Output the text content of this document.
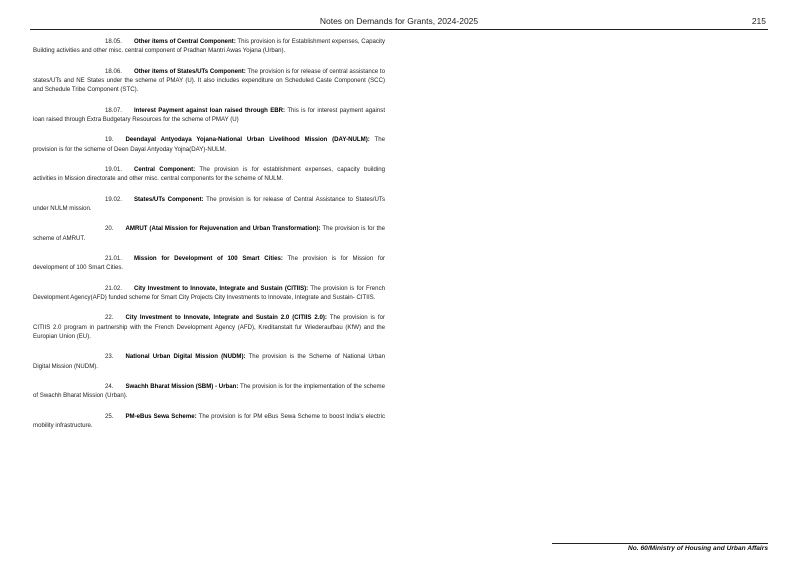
Notes on Demands for Grants, 2024-2025	215

18.05. Other items of Central Component: This provision is for Establishment expenses, Capacity Building activities and other misc. central component of Pradhan Mantri Awas Yojana (Urban).

18.06. Other items of States/UTs Component: The provision is for release of central assistance to states/UTs and NE States under the scheme of PMAY (U). It also includes expenditure on Scheduled Caste Component (SCC) and Schedule Tribe Component (STC).

18.07. Interest Payment against loan raised through EBR: This is for interest payment against loan raised through Extra Budgetary Resources for the scheme of PMAY (U)

19. Deendayal Antyodaya Yojana-National Urban Livelihood Mission (DAY-NULM): The provision is for the scheme of Deen Dayal Antyoday Yojna(DAY)-NULM.

19.01. Central Component: The provision is for establishment expenses, capacity building activities in Mission directorate and other misc. central components for the scheme of NULM.

19.02. States/UTs Component: The provision is for release of Central Assistance to States/UTs under NULM mission.

20. AMRUT (Atal Mission for Rejuvenation and Urban Transformation): The provision is for the scheme of AMRUT.

21.01. Mission for Development of 100 Smart Cities: The provision is for Mission for development of 100 Smart Cities.

21.02. City Investment to Innovate, Integrate and Sustain (CITIIS): The provision is for French Development Agency(AFD) funded scheme for Smart City Projects City Investments to Innovate, Integrate and Sustain- CITIIS.

22. City Investment to Innovate, Integrate and Sustain 2.0 (CITIIS 2.0): The provision is for CITIIS 2.0 program in partnership with the French Development Agency (AFD), Kreditanstalt fur Wiederaufbau (KfW) and the Europian Union (EU).

23. National Urban Digital Mission (NUDM): The provision is the Scheme of National Urban Digital Mission (NUDM).

24. Swachh Bharat Mission (SBM) - Urban: The provision is for the implementation of the scheme of Swachh Bharat Mission (Urban).

25. PM-eBus Sewa Scheme: The provision is for PM eBus Sewa Scheme to boost India's electric mobility infrastructure.

No. 60/Ministry of Housing and Urban Affairs
